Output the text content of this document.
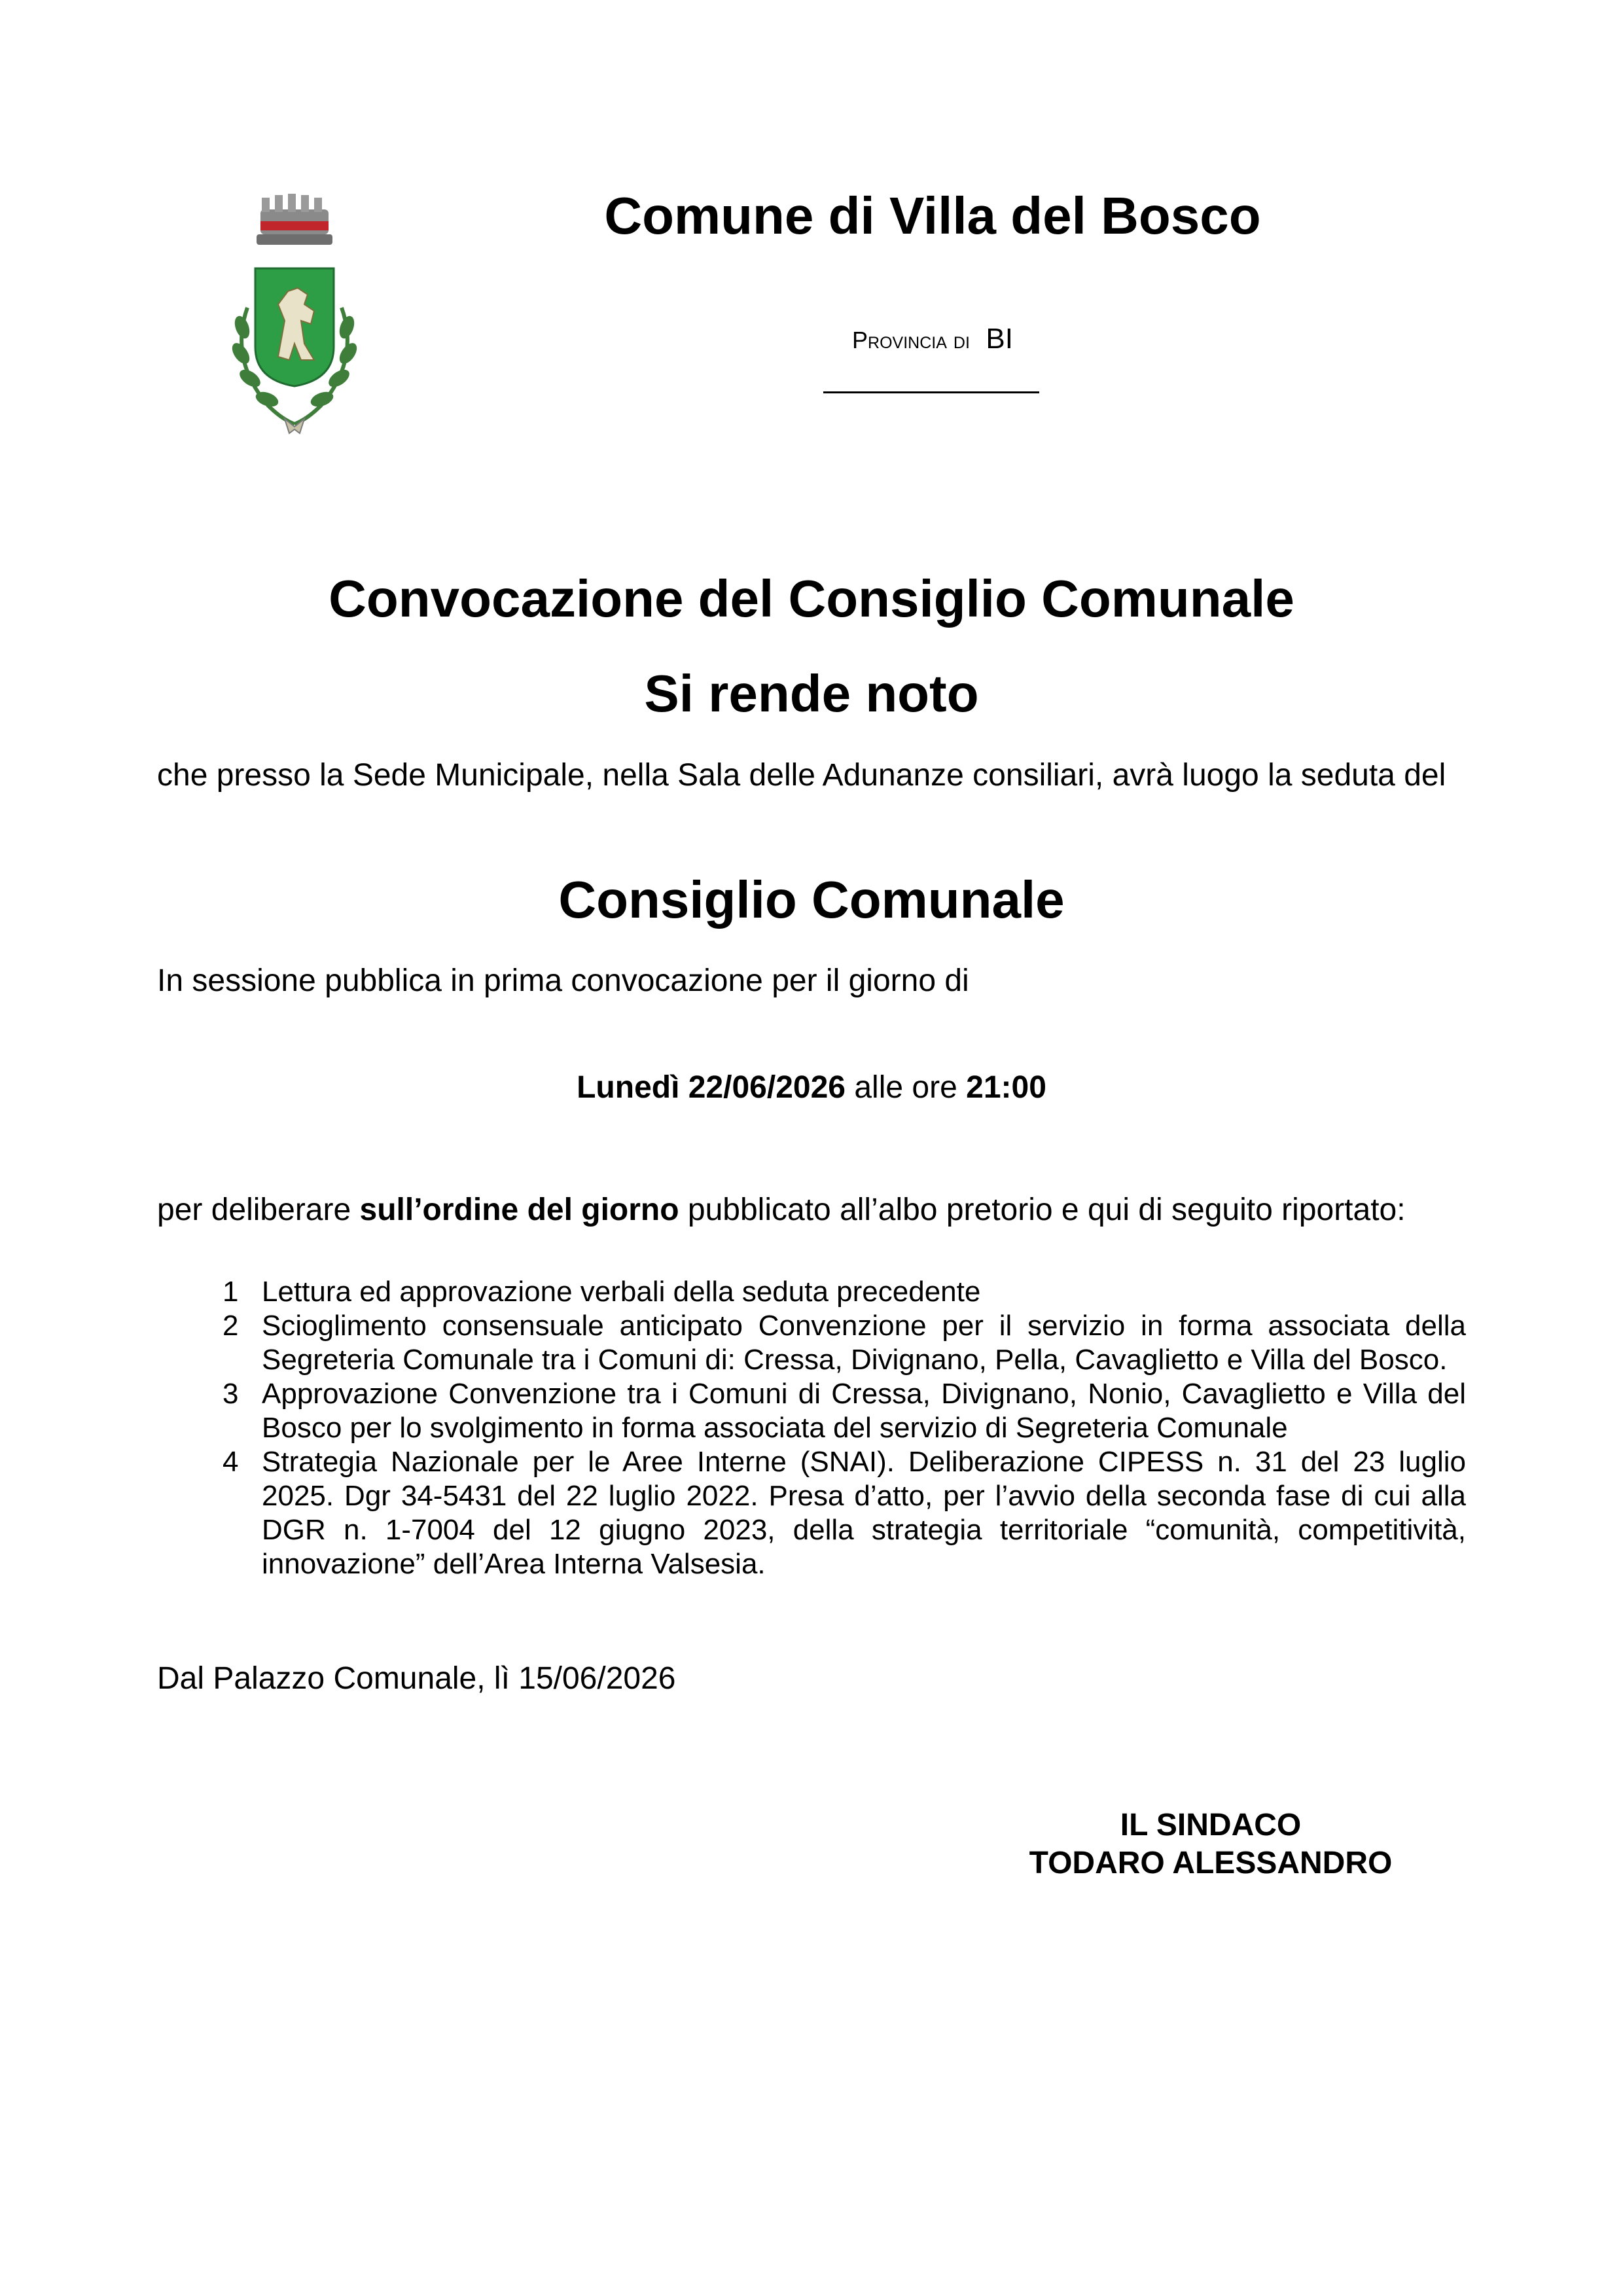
Comune di Villa del Bosco
Provincia di BI
Convocazione del Consiglio Comunale
Si rende noto
che presso la Sede Municipale, nella Sala delle Adunanze consiliari, avrà luogo la seduta del
Consiglio Comunale
In sessione pubblica in prima convocazione per il giorno di
Lunedì 22/06/2026 alle ore 21:00
per deliberare sull’ordine del giorno pubblicato all’albo pretorio e qui di seguito riportato:
1 Lettura ed approvazione verbali della seduta precedente
2 Scioglimento consensuale anticipato Convenzione per il servizio in forma associata della Segreteria Comunale tra i Comuni di: Cressa, Divignano, Pella, Cavaglietto e Villa del Bosco.
3 Approvazione Convenzione tra i Comuni di Cressa, Divignano, Nonio, Cavaglietto e Villa del Bosco per lo svolgimento in forma associata del servizio di Segreteria Comunale
4 Strategia Nazionale per le Aree Interne (SNAI). Deliberazione CIPESS n. 31 del 23 luglio 2025. Dgr 34-5431 del 22 luglio 2022. Presa d’atto, per l’avvio della seconda fase di cui alla DGR n. 1-7004 del 12 giugno 2023, della strategia territoriale “comunità, competitività, innovazione” dell’Area Interna Valsesia.
Dal Palazzo Comunale, lì 15/06/2026
IL SINDACO
TODARO ALESSANDRO
